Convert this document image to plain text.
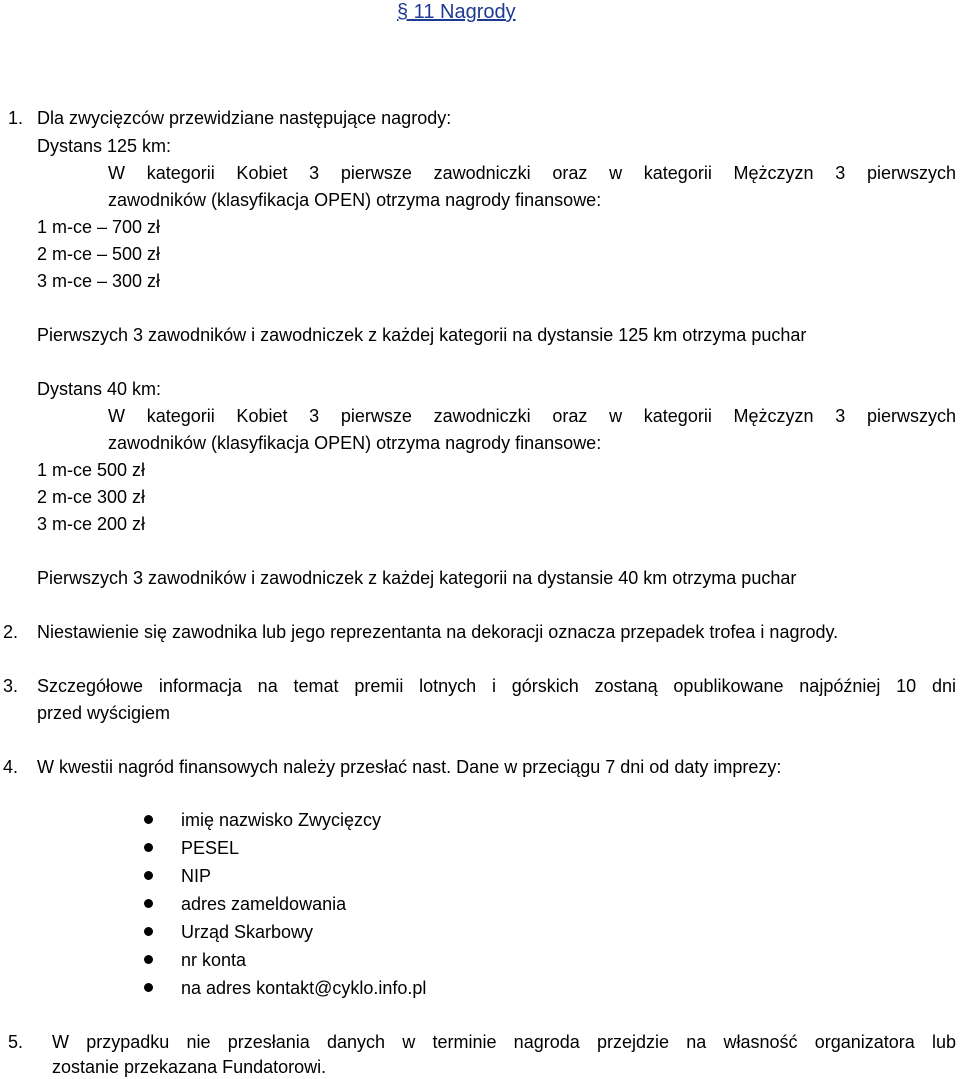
§ 11 Nagrody
1. Dla zwycięzców przewidziane następujące nagrody:
Dystans 125 km:
W kategorii Kobiet 3 pierwsze zawodniczki oraz w kategorii Mężczyzn 3 pierwszych
zawodników (klasyfikacja OPEN) otrzyma nagrody finansowe:
1 m-ce – 700 zł
2 m-ce – 500 zł
3 m-ce – 300 zł
Pierwszych 3 zawodników i zawodniczek z każdej kategorii na dystansie 125 km otrzyma puchar
Dystans 40 km:
W kategorii Kobiet 3 pierwsze zawodniczki oraz w kategorii Mężczyzn 3 pierwszych
zawodników (klasyfikacja OPEN) otrzyma nagrody finansowe:
1 m-ce 500 zł
2 m-ce 300 zł
3 m-ce 200 zł
Pierwszych 3 zawodników i zawodniczek z każdej kategorii na dystansie 40 km otrzyma puchar
2. Niestawienie się zawodnika lub jego reprezentanta na dekoracji oznacza przepadek trofea i nagrody.
3. Szczegółowe informacja na temat premii lotnych i górskich zostaną opublikowane najpóźniej 10 dni
przed wyścigiem
4. W kwestii nagród finansowych należy przesłać nast. Dane w przeciągu 7 dni od daty imprezy:
imię nazwisko Zwycięzcy
PESEL
NIP
adres zameldowania
Urząd Skarbowy
nr konta
na adres kontakt@cyklo.info.pl
5. W przypadku nie przesłania danych w terminie nagroda przejdzie na własność organizatora lub
zostanie przekazana Fundatorowi.
